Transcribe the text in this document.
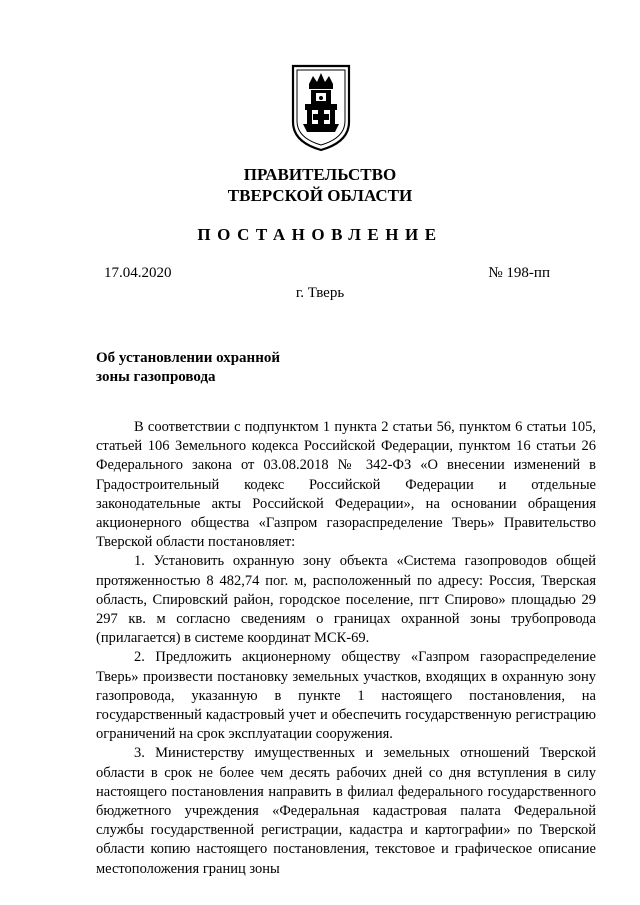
ПРАВИТЕЛЬСТВО
ТВЕРСКОЙ ОБЛАСТИ
ПОСТАНОВЛЕНИЕ
17.04.2020	№ 198-пп
г. Тверь
Об установлении охранной
зоны газопровода

В соответствии с подпунктом 1 пункта 2 статьи 56, пунктом 6 статьи 105, статьей 106 Земельного кодекса Российской Федерации, пунктом 16 статьи 26 Федерального закона от 03.08.2018 № 342-ФЗ «О внесении изменений в Градостроительный кодекс Российской Федерации и отдельные законодательные акты Российской Федерации», на основании обращения акционерного общества «Газпром газораспределение Тверь» Правительство Тверской области постановляет:

1. Установить охранную зону объекта «Система газопроводов общей протяженностью 8 482,74 пог. м, расположенный по адресу: Россия, Тверская область, Спировский район, городское поселение, пгт Спирово» площадью 29 297 кв. м согласно сведениям о границах охранной зоны трубопровода (прилагается) в системе координат МСК-69.

2. Предложить акционерному обществу «Газпром газораспределение Тверь» произвести постановку земельных участков, входящих в охранную зону газопровода, указанную в пункте 1 настоящего постановления, на государственный кадастровый учет и обеспечить государственную регистрацию ограничений на срок эксплуатации сооружения.

3. Министерству имущественных и земельных отношений Тверской области в срок не более чем десять рабочих дней со дня вступления в силу настоящего постановления направить в филиал федерального государственного бюджетного учреждения «Федеральная кадастровая палата Федеральной службы государственной регистрации, кадастра и картографии» по Тверской области копию настоящего постановления, текстовое и графическое описание местоположения границ зоны
